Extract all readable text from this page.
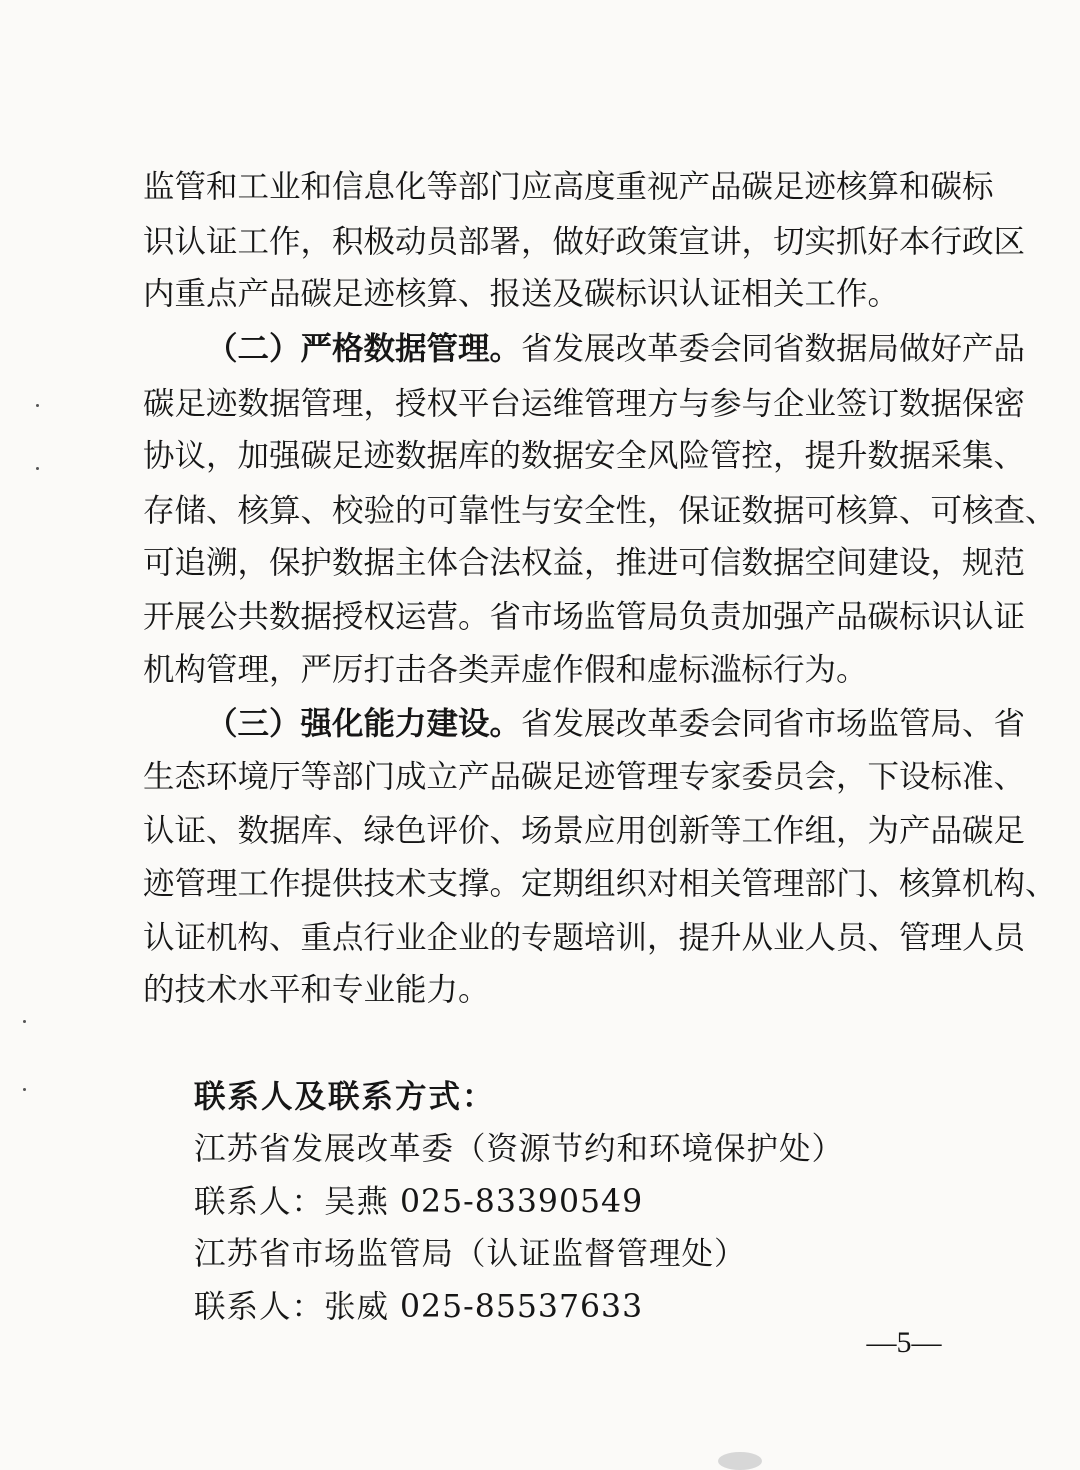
监管和工业和信息化等部门应高度重视产品碳足迹核算和碳标
识认证工作，积极动员部署，做好政策宣讲，切实抓好本行政区
内重点产品碳足迹核算、报送及碳标识认证相关工作。
（二）严格数据管理。省发展改革委会同省数据局做好产品
碳足迹数据管理，授权平台运维管理方与参与企业签订数据保密
协议，加强碳足迹数据库的数据安全风险管控，提升数据采集、
存储、核算、校验的可靠性与安全性，保证数据可核算、可核查、
可追溯，保护数据主体合法权益，推进可信数据空间建设，规范
开展公共数据授权运营。省市场监管局负责加强产品碳标识认证
机构管理，严厉打击各类弄虚作假和虚标滥标行为。
（三）强化能力建设。省发展改革委会同省市场监管局、省
生态环境厅等部门成立产品碳足迹管理专家委员会，下设标准、
认证、数据库、绿色评价、场景应用创新等工作组，为产品碳足
迹管理工作提供技术支撑。定期组织对相关管理部门、核算机构、
认证机构、重点行业企业的专题培训，提升从业人员、管理人员
的技术水平和专业能力。
联系人及联系方式：
江苏省发展改革委（资源节约和环境保护处）
联系人：吴燕 025-83390549
江苏省市场监管局（认证监督管理处）
联系人：张威 025-85537633
—5—
